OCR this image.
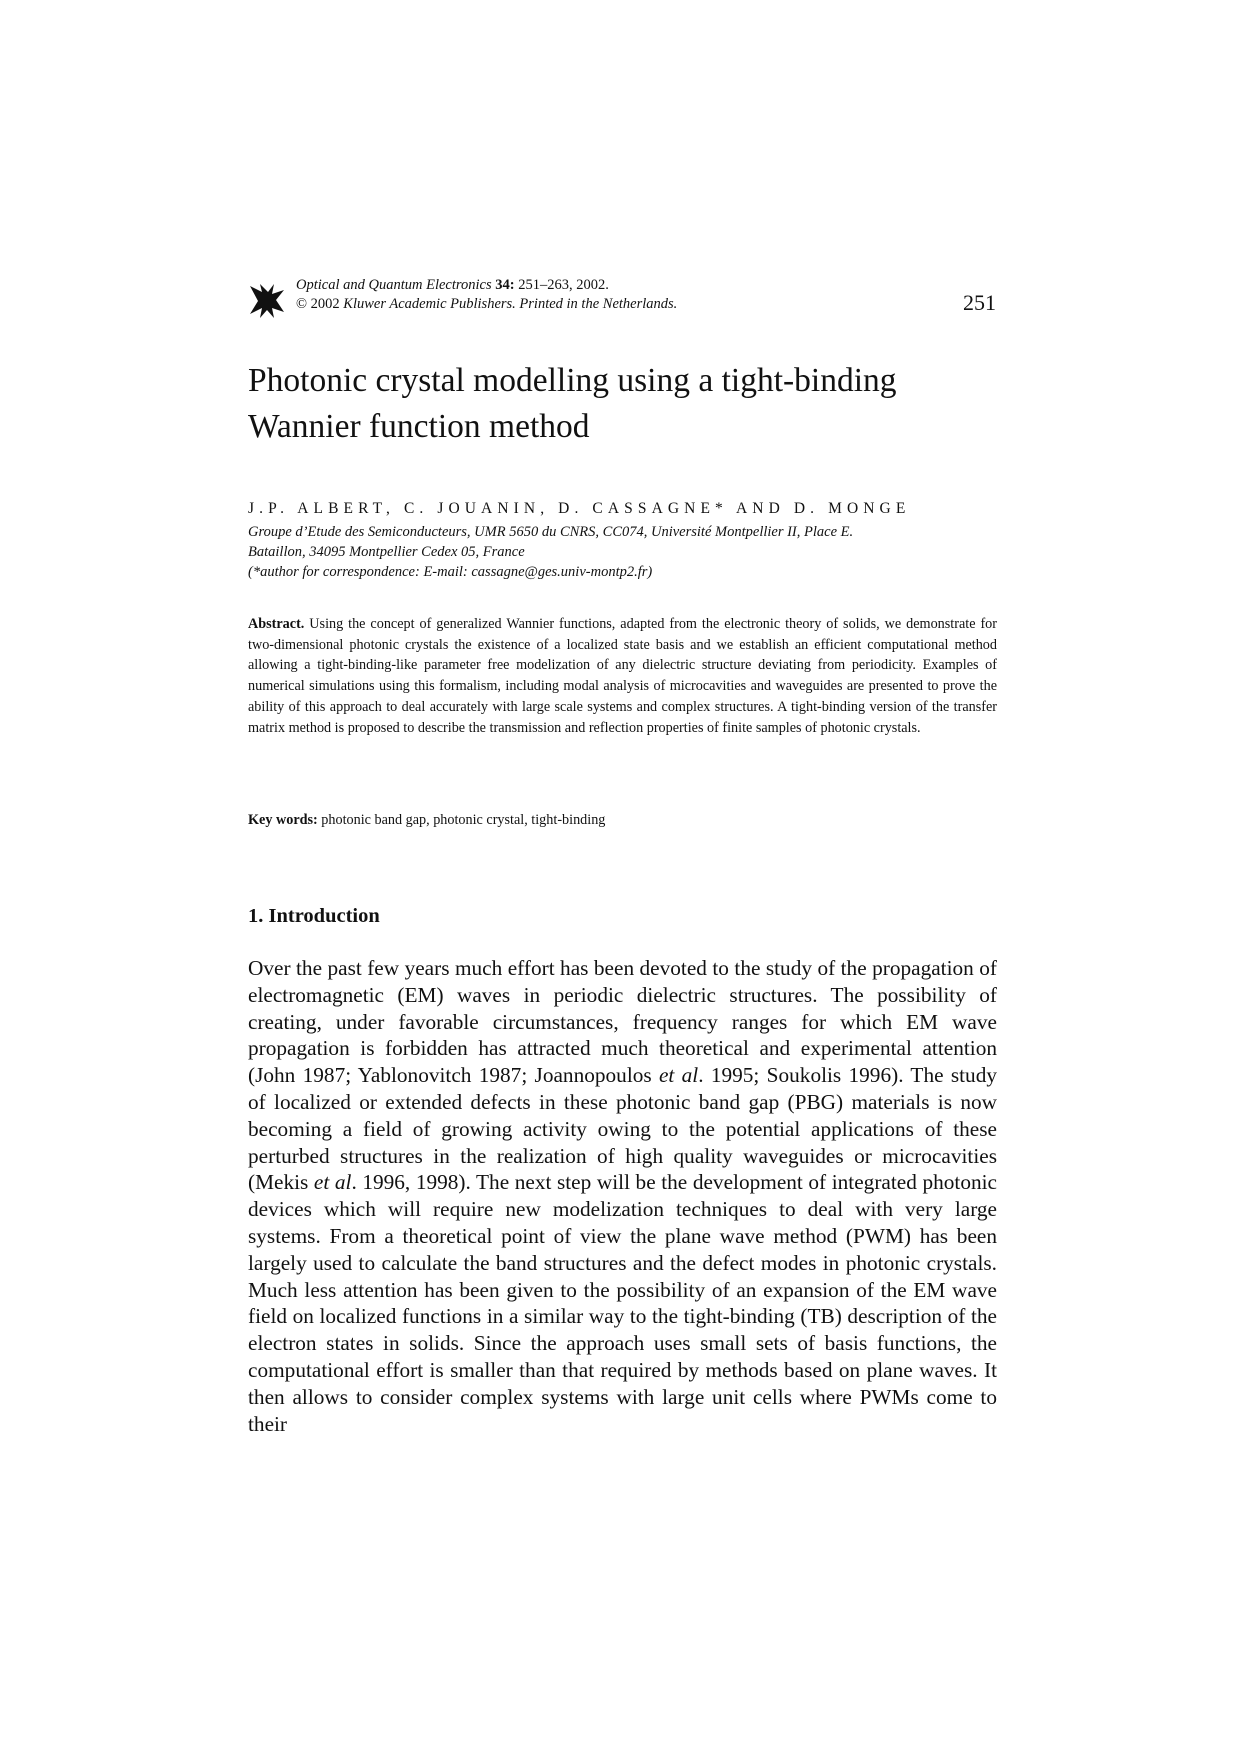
Optical and Quantum Electronics 34: 251–263, 2002.
© 2002 Kluwer Academic Publishers. Printed in the Netherlands.	251
Photonic crystal modelling using a tight-binding
Wannier function method
J.P. ALBERT, C. JOUANIN, D. CASSAGNE* AND D. MONGE
Groupe d’Etude des Semiconducteurs, UMR 5650 du CNRS, CC074, Université Montpellier II, Place E.
Bataillon, 34095 Montpellier Cedex 05, France
(*author for correspondence: E-mail: cassagne@ges.univ-montp2.fr)
Abstract. Using the concept of generalized Wannier functions, adapted from the electronic theory of solids, we demonstrate for two-dimensional photonic crystals the existence of a localized state basis and we establish an efficient computational method allowing a tight-binding-like parameter free modelization of any dielectric structure deviating from periodicity. Examples of numerical simulations using this formalism, including modal analysis of microcavities and waveguides are presented to prove the ability of this approach to deal accurately with large scale systems and complex structures. A tight-binding version of the transfer matrix method is proposed to describe the transmission and reflection properties of finite samples of photonic crystals.
Key words: photonic band gap, photonic crystal, tight-binding
1. Introduction
Over the past few years much effort has been devoted to the study of the propagation of electromagnetic (EM) waves in periodic dielectric structures. The possibility of creating, under favorable circumstances, frequency ranges for which EM wave propagation is forbidden has attracted much theoretical and experimental attention (John 1987; Yablonovitch 1987; Joannopoulos et al. 1995; Soukolis 1996). The study of localized or extended defects in these photonic band gap (PBG) materials is now becoming a field of growing activity owing to the potential applications of these perturbed structures in the realization of high quality waveguides or microcavities (Mekis et al. 1996, 1998). The next step will be the development of integrated photonic devices which will require new modelization techniques to deal with very large systems. From a theoretical point of view the plane wave method (PWM) has been largely used to calculate the band structures and the defect modes in photonic crystals. Much less attention has been given to the possibility of an expansion of the EM wave field on localized functions in a similar way to the tight-binding (TB) description of the electron states in solids. Since the approach uses small sets of basis functions, the computational effort is smaller than that required by methods based on plane waves. It then allows to consider complex systems with large unit cells where PWMs come to their
